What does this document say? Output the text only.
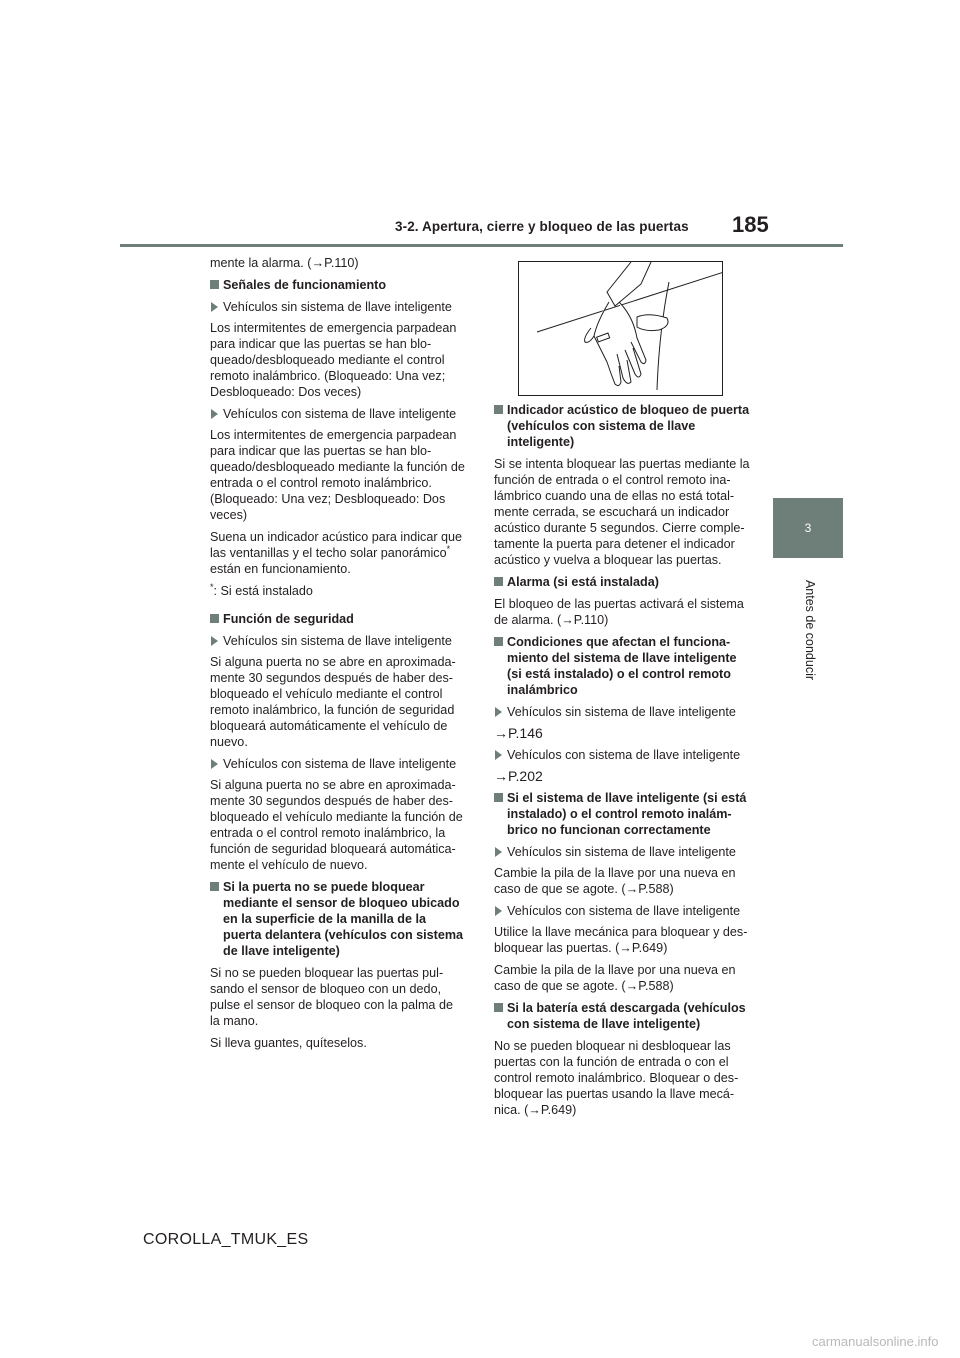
3-2. Apertura, cierre y bloqueo de las puertas 185
3
Antes de conducir

mente la alarma. (→P.110)

Señales de funcionamiento
Vehículos sin sistema de llave inteligente

Los intermitentes de emergencia parpadean para indicar que las puertas se han blo- queado/desbloqueado mediante el control remoto inalámbrico. (Bloqueado: Una vez; Desbloqueado: Dos veces)

Vehículos con sistema de llave inteligente

Los intermitentes de emergencia parpadean para indicar que las puertas se han blo- queado/desbloqueado mediante la función de entrada o el control remoto inalámbrico. (Bloqueado: Una vez; Desbloqueado: Dos veces)

Suena un indicador acústico para indicar que las ventanillas y el techo solar panorámico* están en funcionamiento.

*: Si está instalado

Función de seguridad
Vehículos sin sistema de llave inteligente

Si alguna puerta no se abre en aproximada- mente 30 segundos después de haber des- bloqueado el vehículo mediante el control remoto inalámbrico, la función de seguridad bloqueará automáticamente el vehículo de nuevo.

Vehículos con sistema de llave inteligente

Si alguna puerta no se abre en aproximada- mente 30 segundos después de haber des- bloqueado el vehículo mediante la función de entrada o el control remoto inalámbrico, la función de seguridad bloqueará automática- mente el vehículo de nuevo.

Si la puerta no se puede bloquear mediante el sensor de bloqueo ubicado en la superficie de la manilla de la puerta delantera (vehículos con sistema de llave inteligente)

Si no se pueden bloquear las puertas pul- sando el sensor de bloqueo con un dedo, pulse el sensor de bloqueo con la palma de la mano.

Si lleva guantes, quíteselos.

Indicador acústico de bloqueo de puerta (vehículos con sistema de llave inteligente)

Si se intenta bloquear las puertas mediante la función de entrada o el control remoto ina- lámbrico cuando una de ellas no está total- mente cerrada, se escuchará un indicador acústico durante 5 segundos. Cierre comple- tamente la puerta para detener el indicador acústico y vuelva a bloquear las puertas.

Alarma (si está instalada)

El bloqueo de las puertas activará el sistema de alarma. (→P.110)

Condiciones que afectan el funciona- miento del sistema de llave inteligente (si está instalado) o el control remoto inalámbrico
Vehículos sin sistema de llave inteligente

→P.146

Vehículos con sistema de llave inteligente

→P.202

Si el sistema de llave inteligente (si está instalado) o el control remoto inalám- brico no funcionan correctamente
Vehículos sin sistema de llave inteligente

Cambie la pila de la llave por una nueva en caso de que se agote. (→P.588)

Vehículos con sistema de llave inteligente

Utilice la llave mecánica para bloquear y des- bloquear las puertas. (→P.649)

Cambie la pila de la llave por una nueva en caso de que se agote. (→P.588)

Si la batería está descargada (vehículos con sistema de llave inteligente)

No se pueden bloquear ni desbloquear las puertas con la función de entrada o con el control remoto inalámbrico. Bloquear o des- bloquear las puertas usando la llave mecá- nica. (→P.649)

COROLLA_TMUK_ES
carmanualsonline.info
